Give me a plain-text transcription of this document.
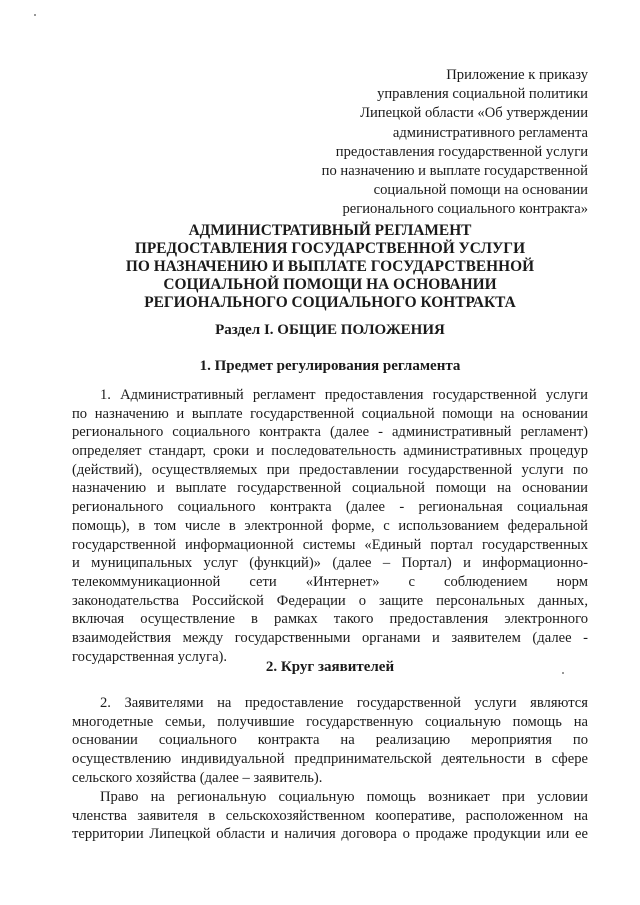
Приложение к приказу
управления социальной политики
Липецкой области «Об утверждении
административного регламента
предоставления государственной услуги
по назначению и выплате государственной
социальной помощи на основании
регионального социального контракта»
АДМИНИСТРАТИВНЫЙ РЕГЛАМЕНТ
ПРЕДОСТАВЛЕНИЯ ГОСУДАРСТВЕННОЙ УСЛУГИ
ПО НАЗНАЧЕНИЮ И ВЫПЛАТЕ ГОСУДАРСТВЕННОЙ
СОЦИАЛЬНОЙ ПОМОЩИ НА ОСНОВАНИИ
РЕГИОНАЛЬНОГО СОЦИАЛЬНОГО КОНТРАКТА
Раздел I. ОБЩИЕ ПОЛОЖЕНИЯ
1. Предмет регулирования регламента
1. Административный регламент предоставления государственной услуги
по назначению и выплате государственной социальной помощи на основании
регионального социального контракта (далее - административный регламент)
определяет стандарт, сроки и последовательность административных процедур
(действий), осуществляемых при предоставлении государственной услуги по
назначению и выплате государственной социальной помощи на основании
регионального социального контракта (далее - региональная социальная
помощь), в том числе в электронной форме, с использованием федеральной
государственной информационной системы «Единый портал государственных
и муниципальных услуг (функций)» (далее – Портал) и информационно-
телекоммуникационной сети «Интернет» с соблюдением норм
законодательства Российской Федерации о защите персональных данных,
включая осуществление в рамках такого предоставления электронного
взаимодействия между государственными органами и заявителем (далее -
государственная услуга).
2. Круг заявителей
2. Заявителями на предоставление государственной услуги являются
многодетные семьи, получившие государственную социальную помощь на
основании социального контракта на реализацию мероприятия по
осуществлению индивидуальной предпринимательской деятельности в сфере
сельского хозяйства (далее – заявитель).
Право на региональную социальную помощь возникает при условии
членства заявителя в сельскохозяйственном кооперативе, расположенном на
территории Липецкой области и наличия договора о продаже продукции или ее
